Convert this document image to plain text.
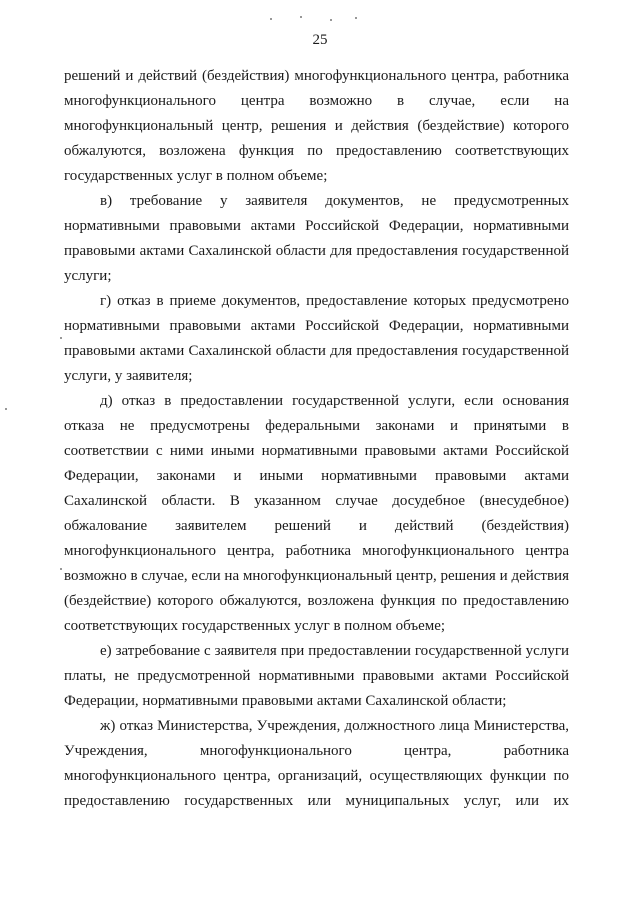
25

решений и действий (бездействия) многофункционального центра, работника многофункционального центра возможно в случае, если на многофункциональный центр, решения и действия (бездействие) которого обжалуются, возложена функция по предоставлению соответствующих государственных услуг в полном объеме;

в) требование у заявителя документов, не предусмотренных нормативными правовыми актами Российской Федерации, нормативными правовыми актами Сахалинской области для предоставления государственной услуги;

г) отказ в приеме документов, предоставление которых предусмотрено нормативными правовыми актами Российской Федерации, нормативными правовыми актами Сахалинской области для предоставления государственной услуги, у заявителя;

д) отказ в предоставлении государственной услуги, если основания отказа не предусмотрены федеральными законами и принятыми в соответствии с ними иными нормативными правовыми актами Российской Федерации, законами и иными нормативными правовыми актами Сахалинской области. В указанном случае досудебное (внесудебное) обжалование заявителем решений и действий (бездействия) многофункционального центра, работника многофункционального центра возможно в случае, если на многофункциональный центр, решения и действия (бездействие) которого обжалуются, возложена функция по предоставлению соответствующих государственных услуг в полном объеме;

е) затребование с заявителя при предоставлении государственной услуги платы, не предусмотренной нормативными правовыми актами Российской Федерации, нормативными правовыми актами Сахалинской области;

ж) отказ Министерства, Учреждения, должностного лица Министерства, Учреждения, многофункционального центра, работника многофункционального центра, организаций, осуществляющих функции по предоставлению государственных или муниципальных услуг, или их
